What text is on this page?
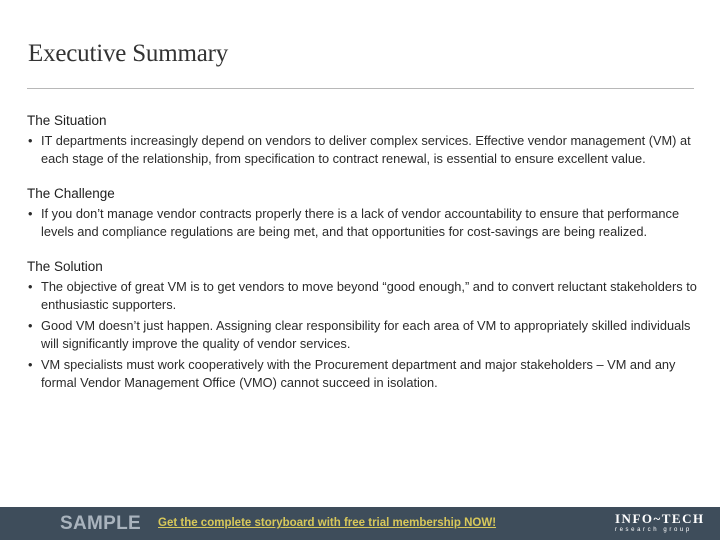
Executive Summary
The Situation
• IT departments increasingly depend on vendors to deliver complex services. Effective vendor management (VM) at each stage of the relationship, from specification to contract renewal, is essential to ensure excellent value.
The Challenge
• If you don’t manage vendor contracts properly there is a lack of vendor accountability to ensure that performance levels and compliance regulations are being met, and that opportunities for cost-savings are being realized.
The Solution
• The objective of great VM is to get vendors to move beyond “good enough,” and to convert reluctant stakeholders to enthusiastic supporters.
• Good VM doesn’t just happen. Assigning clear responsibility for each area of VM to appropriately skilled individuals will significantly improve the quality of vendor services.
• VM specialists must work cooperatively with the Procurement department and major stakeholders – VM and any formal Vendor Management Office (VMO) cannot succeed in isolation.
SAMPLE Get the complete storyboard with free trial membership NOW!	INFO~TECH
research group
